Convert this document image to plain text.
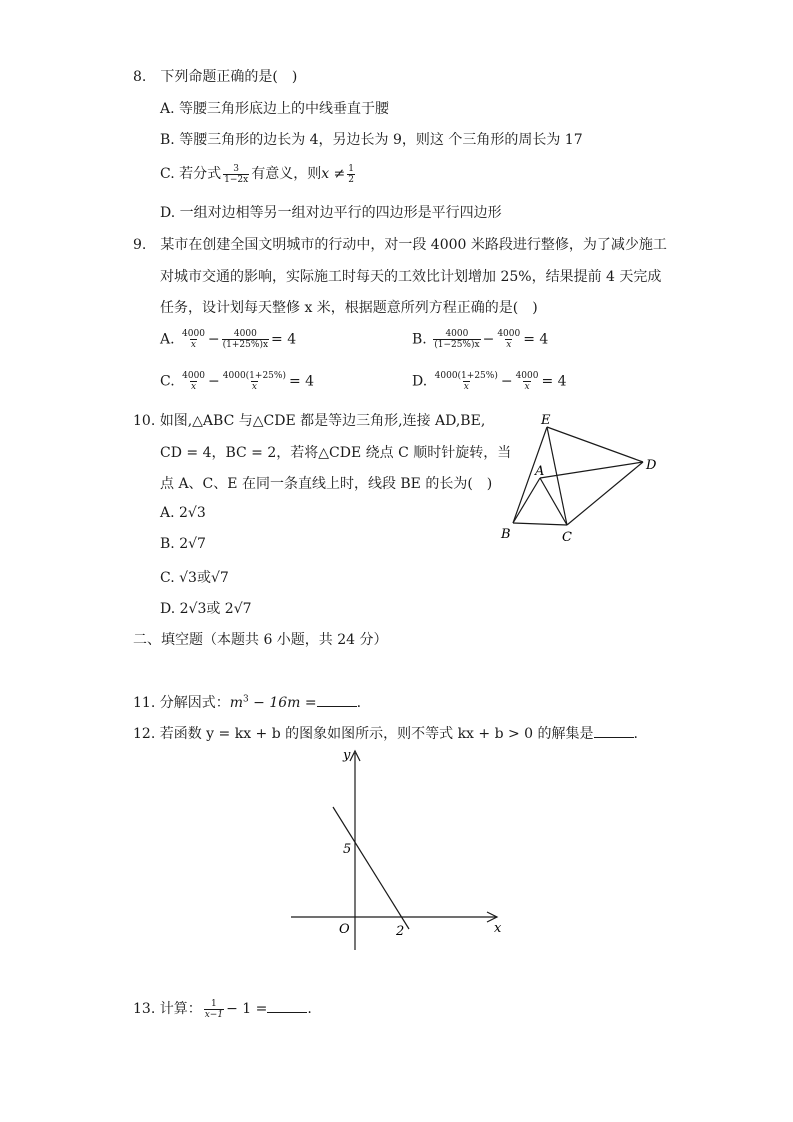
8.　下列命题正确的是(　)
A. 等腰三角形底边上的中线垂直于腰
B. 等腰三角形的边长为 4，另边长为 9，则这 个三角形的周长为 17
C. 若分式 $\frac{3}{1-2x}$ 有意义，则$x \ne \frac{1}{2}$
D. 一组对边相等另一组对边平行的四边形是平行四边形
9.　某市在创建全国文明城市的行动中，对一段 4000 米路段进行整修，为了减少施工
对城市交通的影响，实际施工时每天的工效比计划增加 25%，结果提前 4 天完成
任务，设计划每天整修 x 米，根据题意所列方程正确的是(　)
A. $\frac{4000}{x} - \frac{4000}{(1+25\%)x} = 4$	B. $\frac{4000}{(1-25\%)x} - \frac{4000}{x} = 4$
C. $\frac{4000}{x} - \frac{4000(1+25\%)}{x} = 4$	D. $\frac{4000(1+25\%)}{x} - \frac{4000}{x} = 4$
10. 如图,△ABC 与△CDE 都是等边三角形,连接 AD,BE,
CD = 4，BC = 2，若将△CDE 绕点 C 顺时针旋转，当
点 A、C、E 在同一条直线上时，线段 BE 的长为(　)
A. 2√3
B. 2√7
C. √3或√7
D. 2√3或 2√7
E
D
A
B	C
二、填空题（本题共 6 小题，共 24 分）
11. 分解因式：$m^3 - 16m$ =	.
12. 若函数 y = kx + b 的图象如图所示，则不等式 kx + b > 0 的解集是	.
y
x
O
5
2
13. 计算： $\frac{1}{x-1} - 1$ =	.
